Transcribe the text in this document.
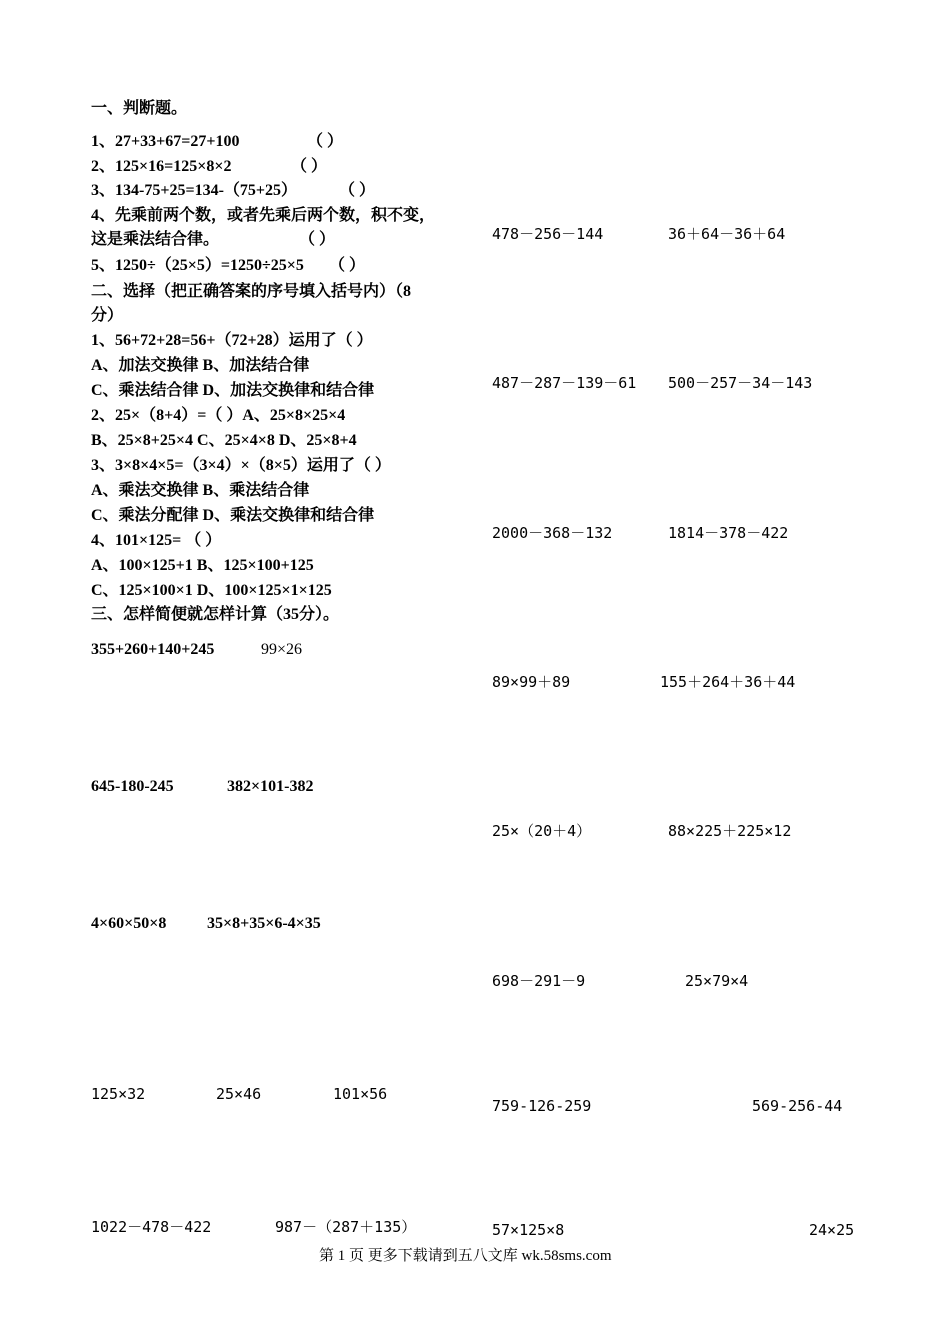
一、判断题。
1、27+33+67=27+100	（ ）
2、125×16=125×8×2	（ ）
3、134-75+25=134-（75+25）	（ ）
4、先乘前两个数，或者先乘后两个数，积不变，
这是乘法结合律。	（ ）
5、1250÷（25×5）=1250÷25×5 （ ）
二、选择（把正确答案的序号填入括号内）（8
分）
1、56+72+28=56+（72+28）运用了（ ）
A、加法交换律 B、加法结合律
C、乘法结合律 D、加法交换律和结合律
2、25×（8+4）=（ ）A、25×8×25×4
B、25×8+25×4 C、25×4×8 D、25×8+4
3、3×8×4×5=（3×4）×（8×5）运用了（ ）
A、乘法交换律 B、乘法结合律
C、乘法分配律 D、乘法交换律和结合律
4、101×125= （ ）
A、100×125+1 B、125×100+125
C、125×100×1 D、100×125×1×125
三、怎样简便就怎样计算（35分）。
355+260+140+245	99×26
645-180-245	382×101-382
4×60×50×8	35×8+35×6-4×35
125×32	25×46	101×56
1022－478－422	987－（287＋135）
478－256－144	36＋64－36＋64
487－287－139－61 500－257－34－143
2000－368－132	1814－378－422
89×99＋89	155＋264＋36＋44
25×（20＋4）	88×225＋225×12
698－291－9	25×79×4
759-126-259	569-256-44
57×125×8	24×25
第 1 页 更多下载请到五八文库 wk.58sms.com
